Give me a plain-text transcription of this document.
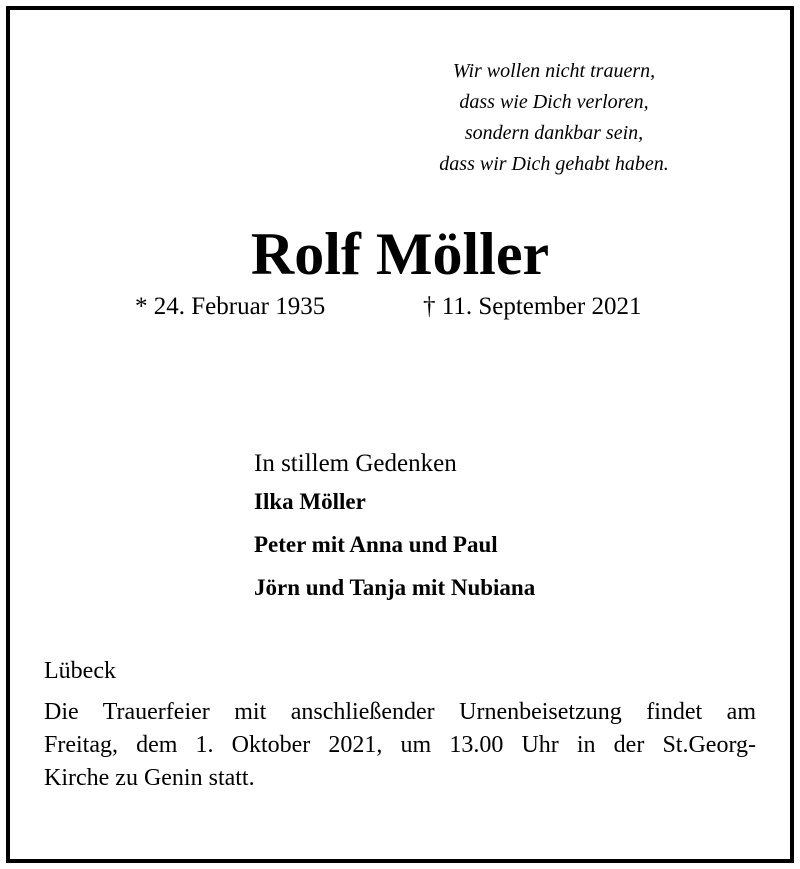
Wir wollen nicht trauern,
dass wie Dich verloren,
sondern dankbar sein,
dass wir Dich gehabt haben.
Rolf Möller
* 24. Februar 1935	† 11. September 2021
In stillem Gedenken
Ilka Möller
Peter mit Anna und Paul
Jörn und Tanja mit Nubiana
Lübeck
Die Trauerfeier mit anschließender Urnenbeisetzung findet am
Freitag, dem 1. Oktober 2021, um 13.00 Uhr in der St.Georg-
Kirche zu Genin statt.
